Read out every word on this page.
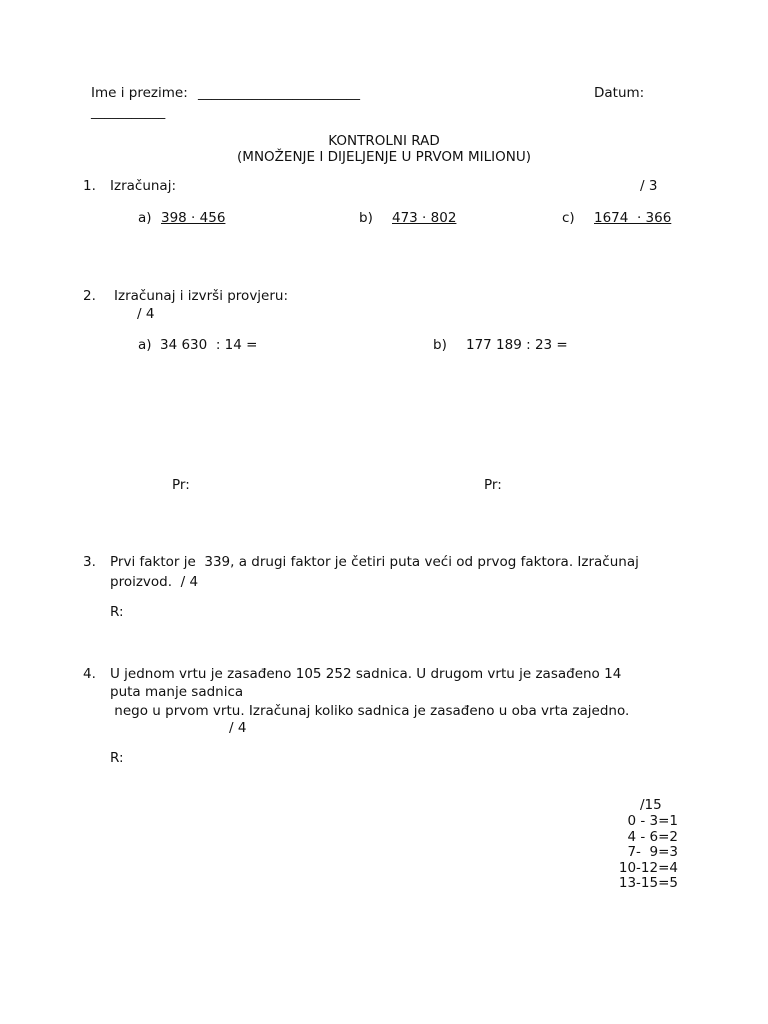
Ime i prezime: ________________________	Datum:
___________
KONTROLNI RAD
(MNOŽENJE I DIJELJENJE U PRVOM MILIONU)
1. Izračunaj:	/ 3
a) 398 · 456	b) 473 · 802	c) 1674  · 366
2. Izračunaj i izvrši provjeru:
/ 4
a) 34 630  : 14 =	b) 177 189 : 23 =
Pr:	Pr:
3. Prvi faktor je  339, a drugi faktor je četiri puta veći od prvog faktora. Izračunaj
proizvod.  / 4
R:
4. U jednom vrtu je zasađeno 105 252 sadnica. U drugom vrtu je zasađeno 14
puta manje sadnica
nego u prvom vrtu. Izračunaj koliko sadnica je zasađeno u oba vrta zajedno.
/ 4
R:
/15
0 - 3=1
4 - 6=2
7-  9=3
10-12=4
13-15=5
